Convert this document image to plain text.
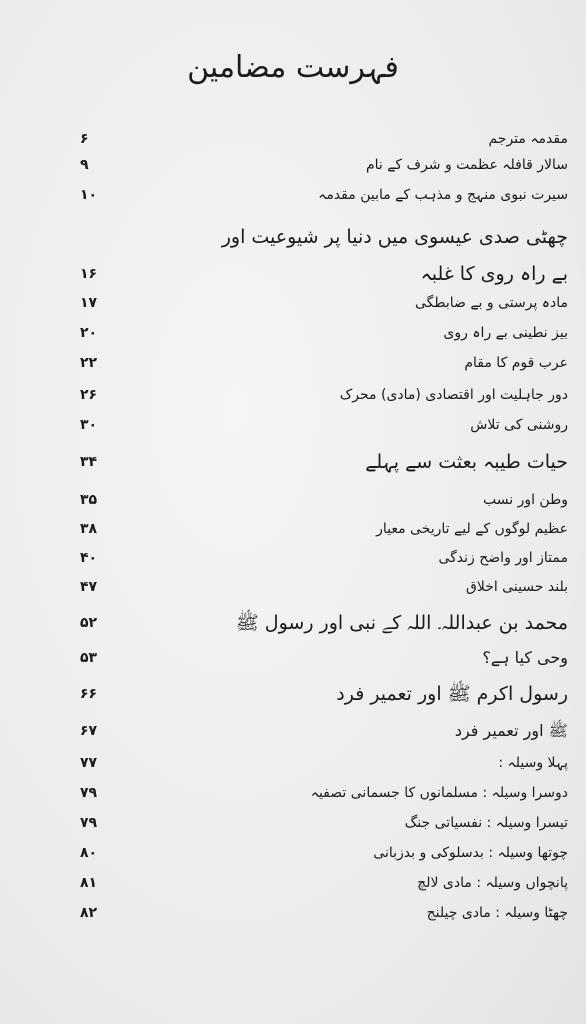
فہرست مضامین
۶	مقدمہ مترجم
۹	سالار قافلہ عظمت و شرف کے نام
۱۰	سیرت نبوی منہج و مذہب کے مابین مقدمہ
چھٹی صدی عیسوی میں دنیا پر شیوعیت اور
۱۶	بے راہ روی کا غلبہ
۱۷	مادہ پرستی و بے ضابطگی
۲۰	بیز نطینی بے راہ روی
۲۲	عرب قوم کا مقام
۲۶	دور جاہلیت اور اقتصادی (مادی) محرک
۳۰	روشنی کی تلاش
۳۴	حیات طیبہ بعثت سے پہلے
۳۵	وطن اور نسب
۳۸	عظیم لوگوں کے لیے تاریخی معیار
۴۰	ممتاز اور واضح زندگی
۴۷	بلند حسینی اخلاق
۵۲	محمد بن عبداللہ۔ اللہ کے نبی اور رسول ﷺ
۵۳	وحی کیا ہے؟
۶۶	رسول اکرم ﷺ اور تعمیر فرد
۶۷	ﷺ اور تعمیر فرد
۷۷	پہلا وسیلہ :
۷۹	دوسرا وسیلہ : مسلمانوں کا جسمانی تصفیہ
۷۹	تیسرا وسیلہ : نفسیاتی جنگ
۸۰	چوتھا وسیلہ : بدسلوکی و بدزبانی
۸۱	پانچواں وسیلہ : مادی لالچ
۸۲	چھٹا وسیلہ : مادی چیلنج
